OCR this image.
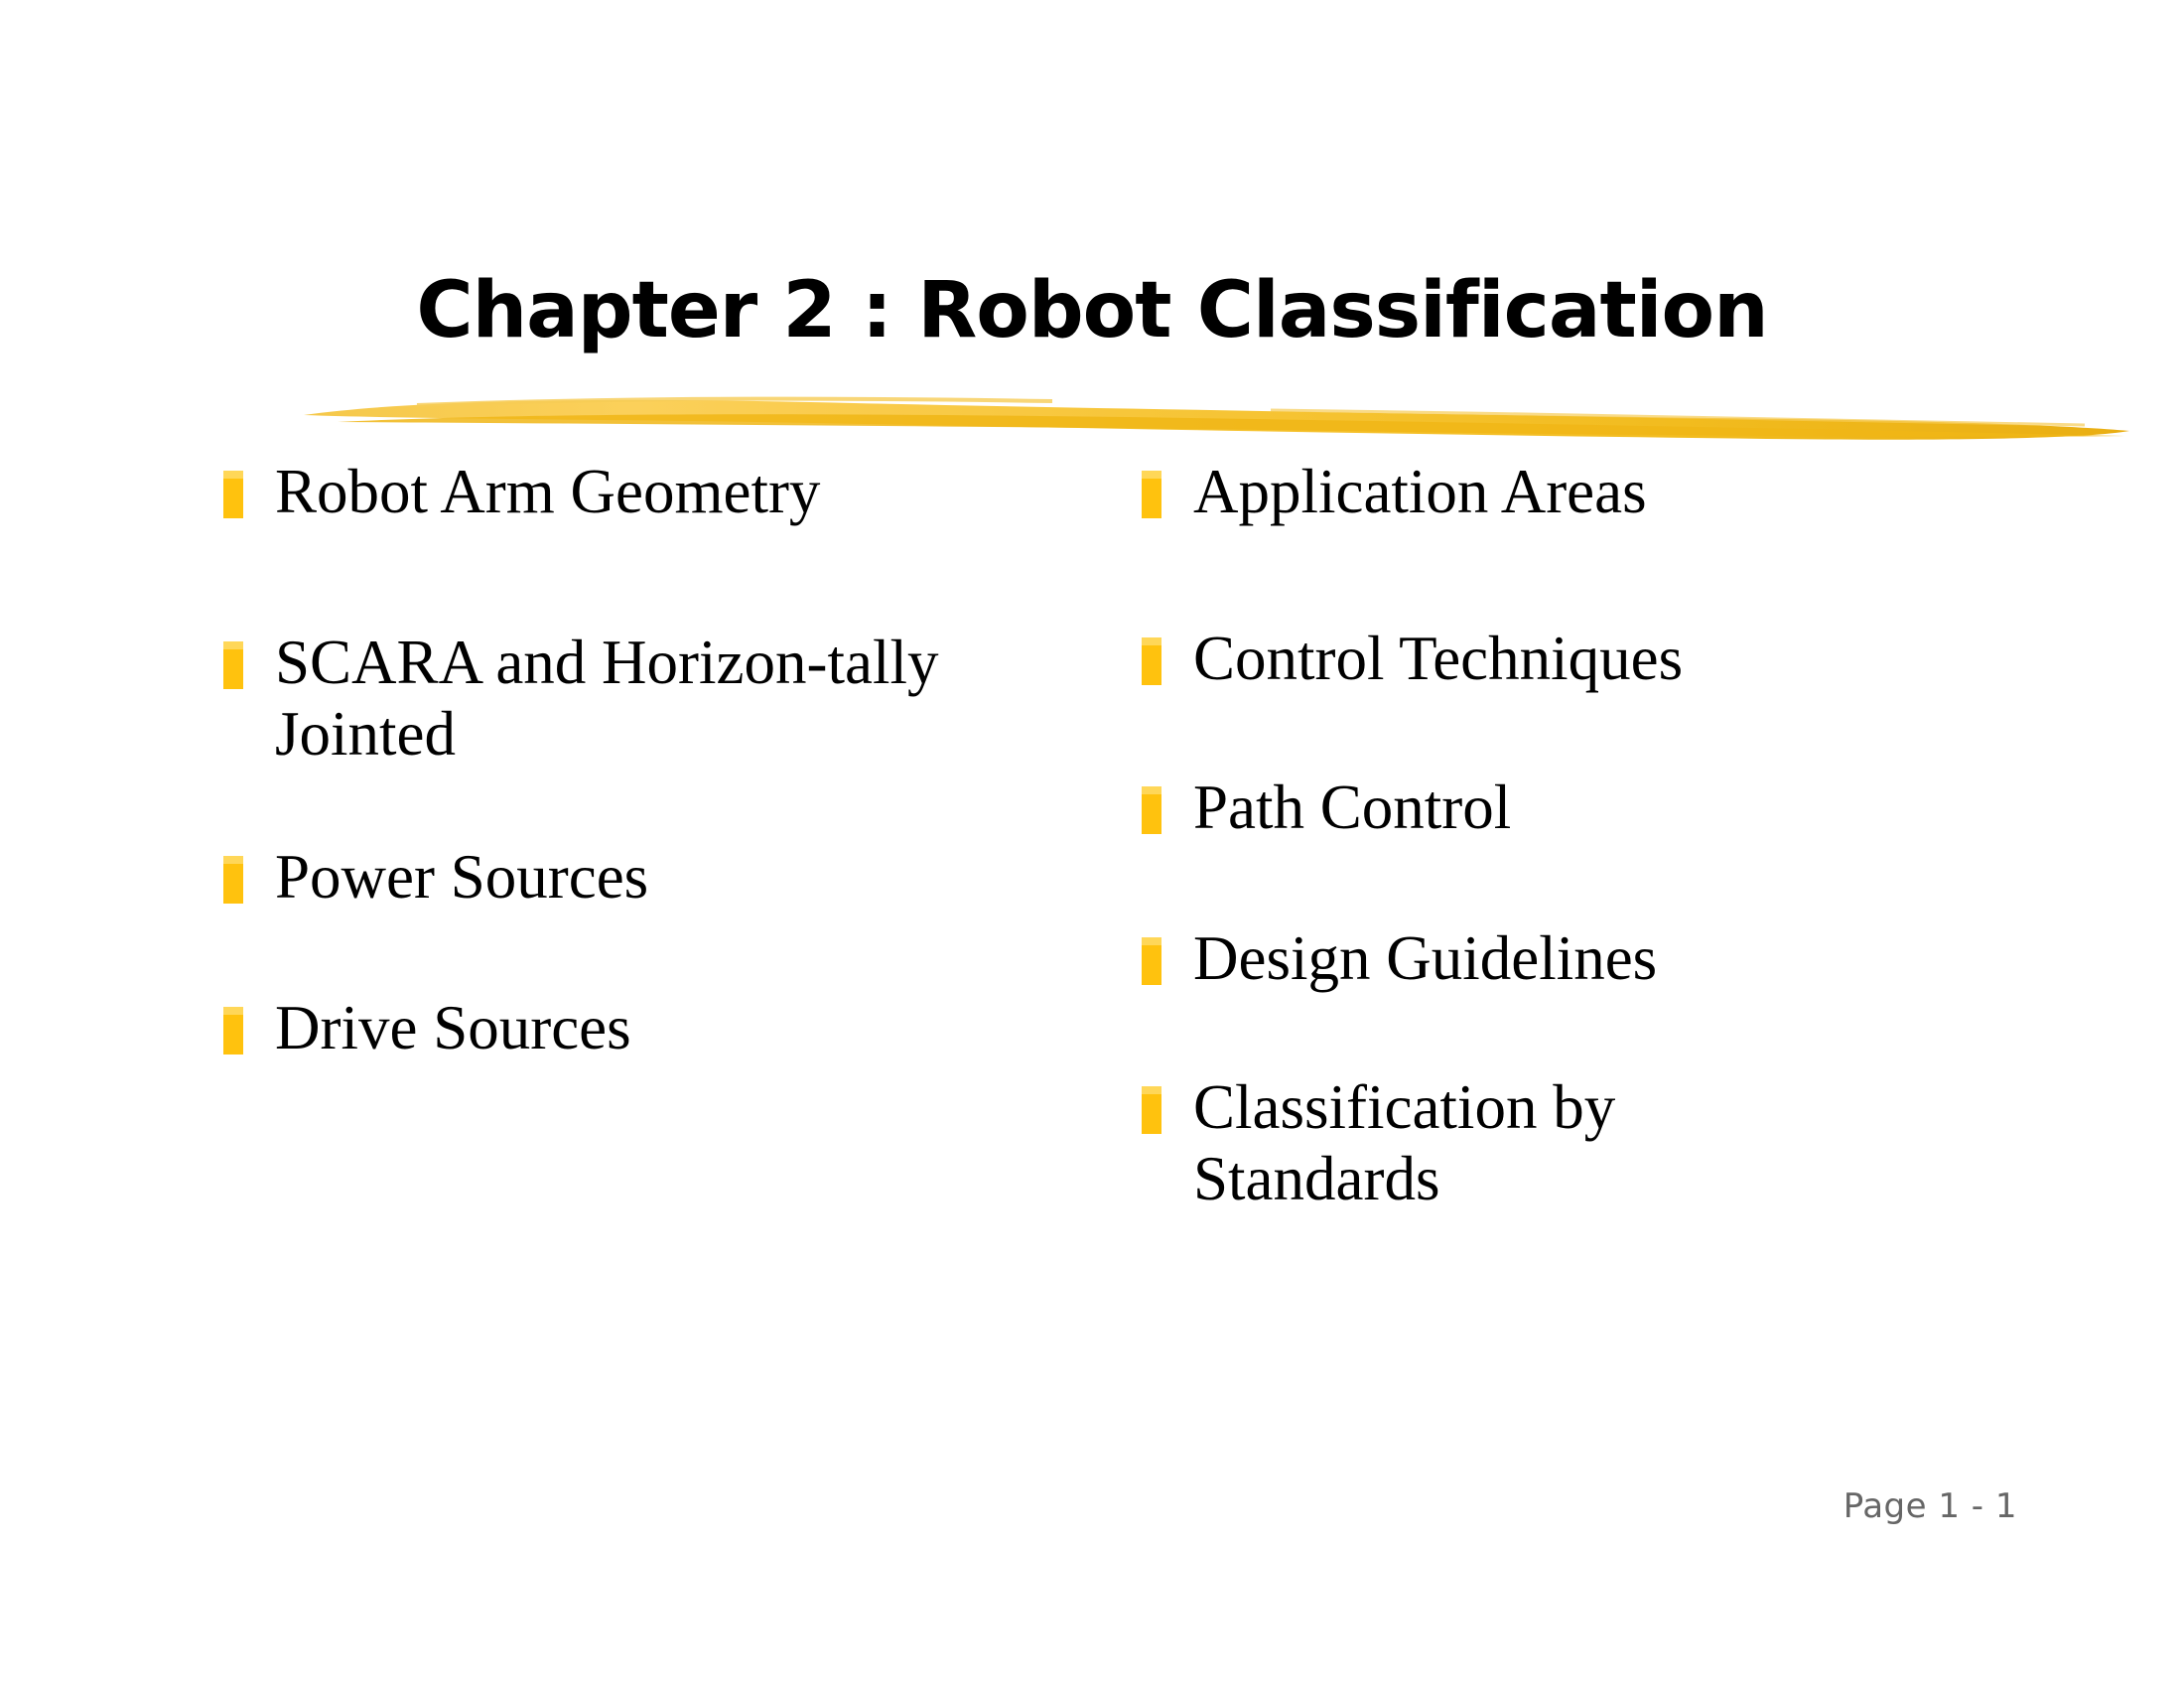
Chapter 2 : Robot Classification
Robot Arm Geometry
SCARA and Horizon-tally Jointed
Power Sources
Drive Sources
Application Areas
Control Techniques
Path Control
Design Guidelines
Classification by Standards
Page 1 - 1
